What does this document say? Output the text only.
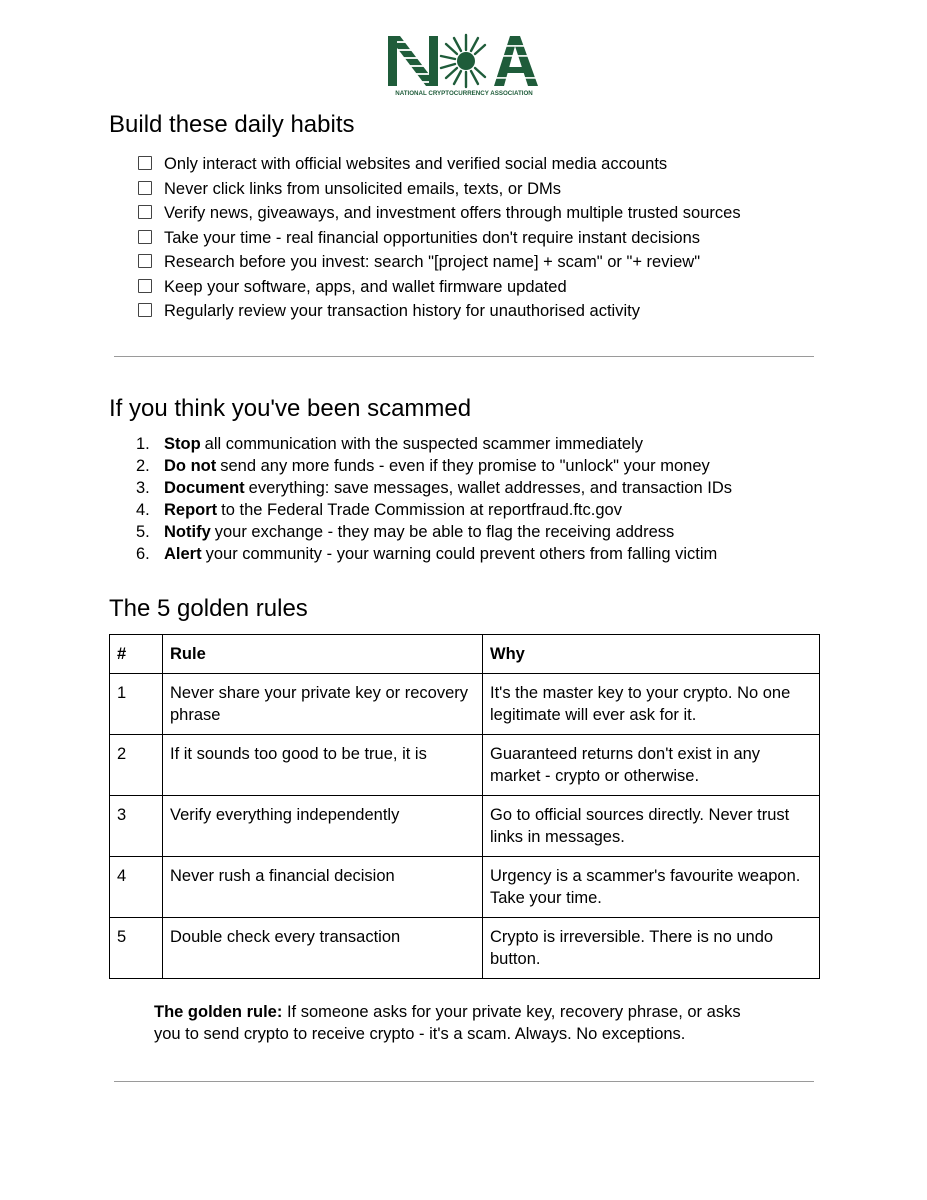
NATIONAL CRYPTOCURRENCY ASSOCIATION
Build these daily habits
Only interact with official websites and verified social media accounts
Never click links from unsolicited emails, texts, or DMs
Verify news, giveaways, and investment offers through multiple trusted sources
Take your time - real financial opportunities don't require instant decisions
Research before you invest: search "[project name] + scam" or "+ review"
Keep your software, apps, and wallet firmware updated
Regularly review your transaction history for unauthorised activity
If you think you've been scammed
1. Stop all communication with the suspected scammer immediately
2. Do not send any more funds - even if they promise to "unlock" your money
3. Document everything: save messages, wallet addresses, and transaction IDs
4. Report to the Federal Trade Commission at reportfraud.ftc.gov
5. Notify your exchange - they may be able to flag the receiving address
6. Alert your community - your warning could prevent others from falling victim
The 5 golden rules
#	Rule	Why
1	Never share your private key or recovery phrase	It's the master key to your crypto. No one legitimate will ever ask for it.
2	If it sounds too good to be true, it is	Guaranteed returns don't exist in any market - crypto or otherwise.
3	Verify everything independently	Go to official sources directly. Never trust links in messages.
4	Never rush a financial decision	Urgency is a scammer's favourite weapon. Take your time.
5	Double check every transaction	Crypto is irreversible. There is no undo button.

The golden rule: If someone asks for your private key, recovery phrase, or asks you to send crypto to receive crypto - it's a scam. Always. No exceptions.
